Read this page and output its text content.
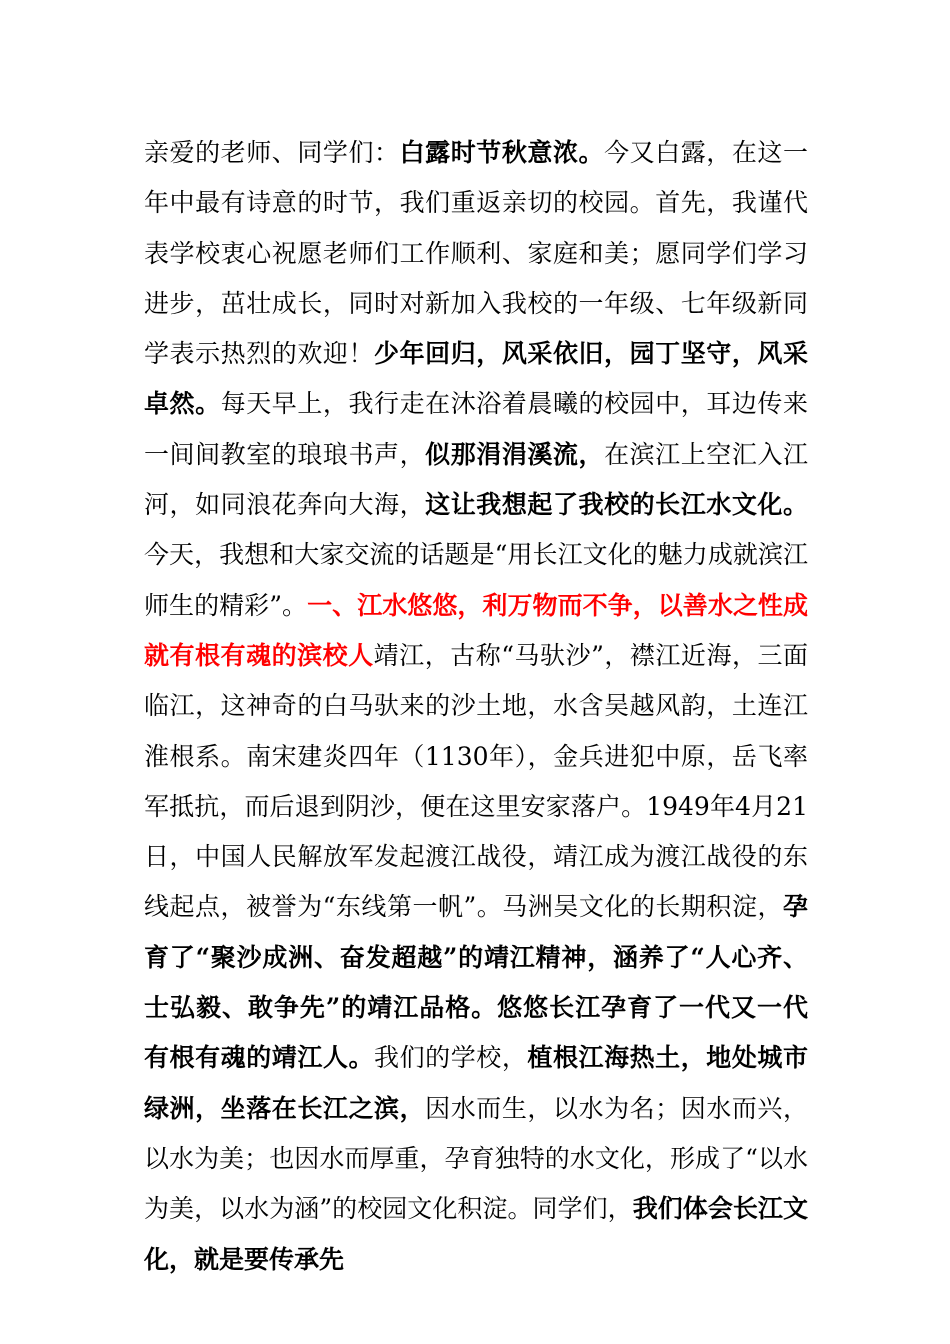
亲爱的老师、同学们：白露时节秋意浓。今又白露，在这一年中最有诗意的时节，我们重返亲切的校园。首先，我谨代表学校衷心祝愿老师们工作顺利、家庭和美；愿同学们学习进步，茁壮成长，同时对新加入我校的一年级、七年级新同学表示热烈的欢迎！少年回归，风采依旧，园丁坚守，风采卓然。每天早上，我行走在沐浴着晨曦的校园中，耳边传来一间间教室的琅琅书声，似那涓涓溪流，在滨江上空汇入江河，如同浪花奔向大海，这让我想起了我校的长江水文化。今天，我想和大家交流的话题是“用长江文化的魅力成就滨江师生的精彩”。一、江水悠悠，利万物而不争，以善水之性成就有根有魂的滨校人靖江，古称“马驮沙”，襟江近海，三面临江，这神奇的白马驮来的沙土地，水含吴越风韵，土连江淮根系。南宋建炎四年（1130年），金兵进犯中原，岳飞率军抵抗，而后退到阴沙，便在这里安家落户。1949年4月21日，中国人民解放军发起渡江战役，靖江成为渡江战役的东线起点，被誉为“东线第一帆”。马洲吴文化的长期积淀，孕育了“聚沙成洲、奋发超越”的靖江精神，涵养了“人心齐、士弘毅、敢争先”的靖江品格。悠悠长江孕育了一代又一代有根有魂的靖江人。我们的学校，植根江海热土，地处城市绿洲，坐落在长江之滨，因水而生，以水为名；因水而兴，以水为美；也因水而厚重，孕育独特的水文化，形成了“以水为美，以水为涵”的校园文化积淀。同学们，我们体会长江文化，就是要传承先
